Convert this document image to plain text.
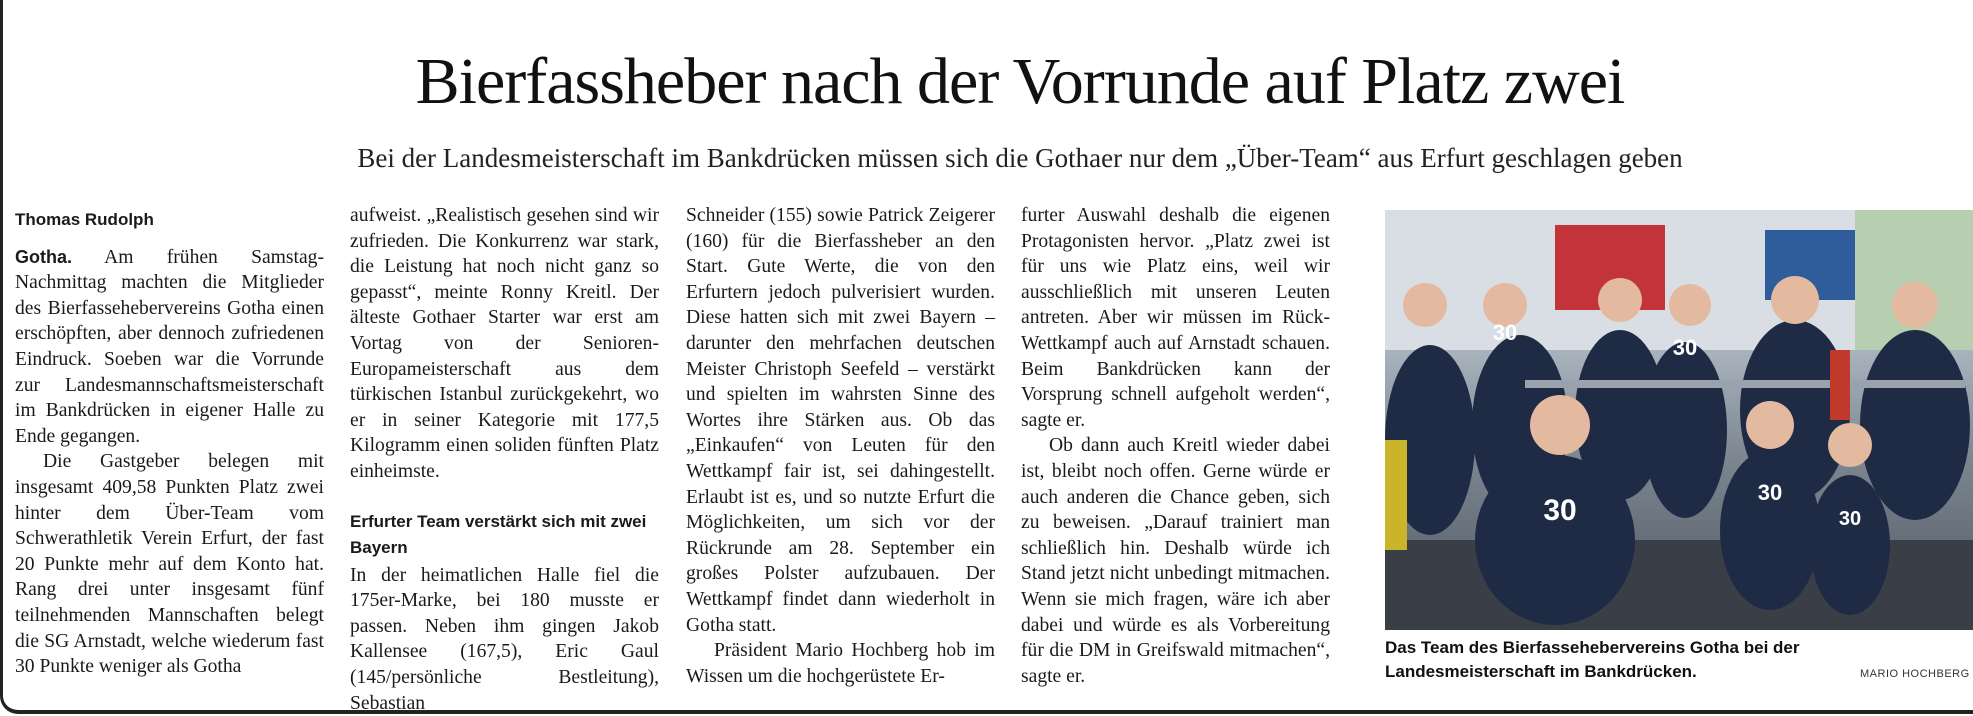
Bierfassheber nach der Vorrunde auf Platz zwei

Bei der Landesmeisterschaft im Bankdrücken müssen sich die Gothaer nur dem „Über-Team“ aus Erfurt geschlagen geben

Thomas Rudolph

Gotha. Am frühen Samstag-Nachmittag machten die Mitglieder des Bierfassehebervereins Gotha einen erschöpften, aber dennoch zufriedenen Eindruck. Soeben war die Vorrunde zur Landesmannschaftsmeisterschaft im Bankdrücken in eigener Halle zu Ende gegangen.

Die Gastgeber belegen mit insgesamt 409,58 Punkten Platz zwei hinter dem Über-Team vom Schwerathletik Verein Erfurt, der fast 20 Punkte mehr auf dem Konto hat. Rang drei unter insgesamt fünf teilnehmenden Mannschaften belegt die SG Arnstadt, welche wiederum fast 30 Punkte weniger als Gotha

aufweist. „Realistisch gesehen sind wir zufrieden. Die Konkurrenz war stark, die Leistung hat noch nicht ganz so gepasst“, meinte Ronny Kreitl. Der älteste Gothaer Starter war erst am Vortag von der Senioren-Europameisterschaft aus dem türkischen Istanbul zurückgekehrt, wo er in seiner Kategorie mit 177,5 Kilogramm einen soliden fünften Platz einheimste.

Erfurter Team verstärkt sich mit zwei Bayern

In der heimatlichen Halle fiel die 175er-Marke, bei 180 musste er passen. Neben ihm gingen Jakob Kallensee (167,5), Eric Gaul (145/persönliche Bestleitung), Sebastian

Schneider (155) sowie Patrick Zeigerer (160) für die Bierfassheber an den Start. Gute Werte, die von den Erfurtern jedoch pulverisiert wurden. Diese hatten sich mit zwei Bayern – darunter den mehrfachen deutschen Meister Christoph Seefeld – verstärkt und spielten im wahrsten Sinne des Wortes ihre Stärken aus. Ob das „Einkaufen“ von Leuten für den Wettkampf fair ist, sei dahingestellt. Erlaubt ist es, und so nutzte Erfurt die Möglichkeiten, um sich vor der Rückrunde am 28. September ein großes Polster aufzubauen. Der Wettkampf findet dann wiederholt in Gotha statt.

Präsident Mario Hochberg hob im Wissen um die hochgerüstete Er-

furter Auswahl deshalb die eigenen Protagonisten hervor. „Platz zwei ist für uns wie Platz eins, weil wir ausschließlich mit unseren Leuten antreten. Aber wir müssen im Rück-Wettkampf auch auf Arnstadt schauen. Beim Bankdrücken kann der Vorsprung schnell aufgeholt werden“, sagte er.

Ob dann auch Kreitl wieder dabei ist, bleibt noch offen. Gerne würde er auch anderen die Chance geben, sich zu beweisen. „Darauf trainiert man schließlich hin. Deshalb würde ich Stand jetzt nicht unbedingt mitmachen. Wenn sie mich fragen, wäre ich aber dabei und würde es als Vorbereitung für die DM in Greifswald mitmachen“, sagte er.

30
30
30
30
30
Das Team des Bierfassehebervereins Gotha bei der Landesmeisterschaft im Bankdrücken.	MARIO HOCHBERG
